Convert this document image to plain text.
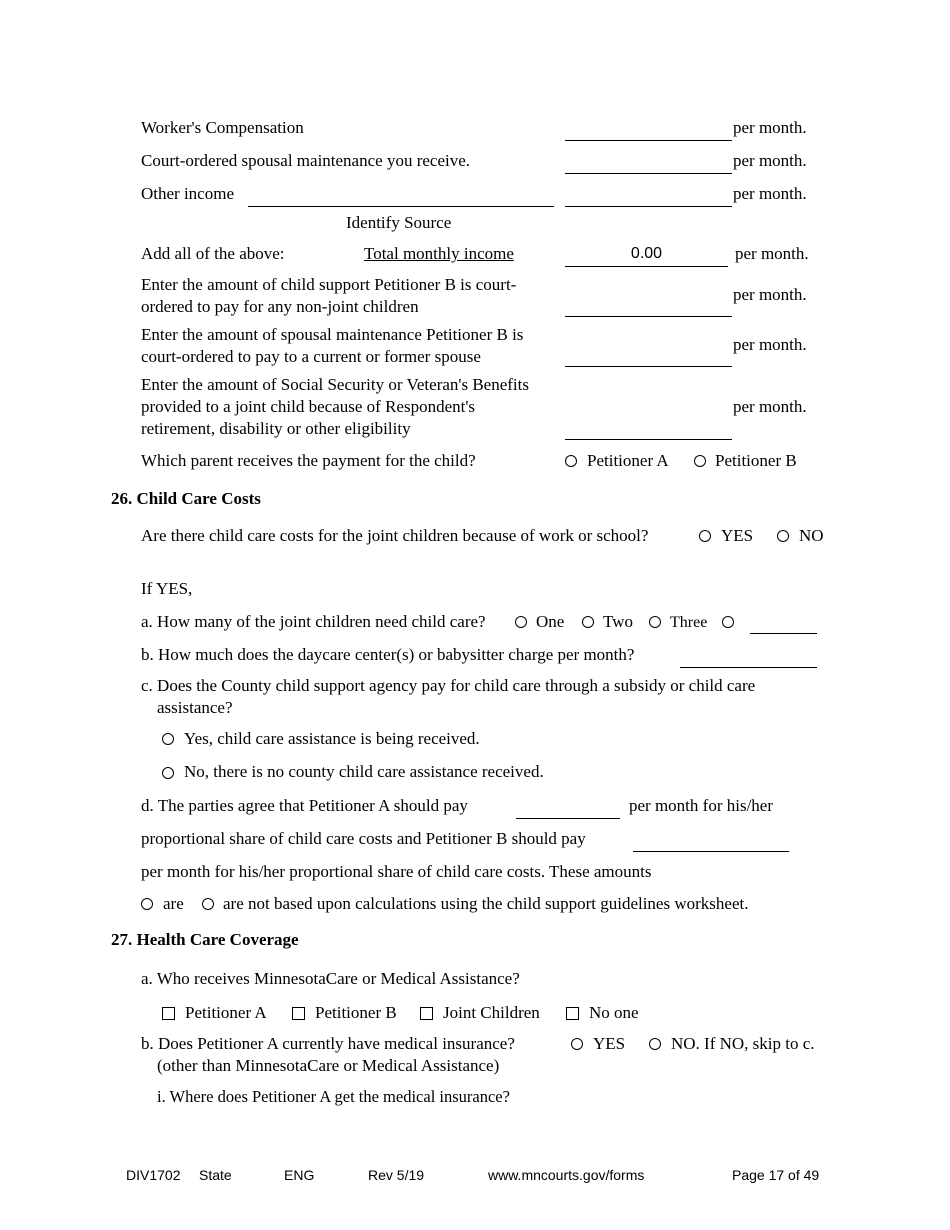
Worker's Compensation	per month.
Court-ordered spousal maintenance you receive.	per month.
Other income	per month.
Identify Source
Add all of the above:	Total monthly income	0.00	per month.
Enter the amount of child support Petitioner B is court-ordered to pay for any non-joint children
per month.
Enter the amount of spousal maintenance Petitioner B is court-ordered to pay to a current or former spouse
per month.
Enter the amount of Social Security or Veteran's Benefits provided to a joint child because of Respondent's retirement, disability or other eligibility
per month.
Which parent receives the payment for the child?	Petitioner A	Petitioner B
26. Child Care Costs
Are there child care costs for the joint children because of work or school?	YES	NO
If YES,
a. How many of the joint children need child care?	One Two Three
b. How much does the daycare center(s) or babysitter charge per month?
c. Does the County child support agency pay for child care through a subsidy or child care assistance?
Yes, child care assistance is being received.
No, there is no county child care assistance received.
d. The parties agree that Petitioner A should pay	per month for his/her
proportional share of child care costs and Petitioner B should pay
per month for his/her proportional share of child care costs. These amounts
are are not based upon calculations using the child support guidelines worksheet.
27. Health Care Coverage
a. Who receives MinnesotaCare or Medical Assistance?
Petitioner A	Petitioner B	Joint Children	No one
b. Does Petitioner A currently have medical insurance?
(other than MinnesotaCare or Medical Assistance)
YES	NO. If NO, skip to c.
i. Where does Petitioner A get the medical insurance?
DIV1702 State	ENG	Rev 5/19	www.mncourts.gov/forms	Page 17 of 49
